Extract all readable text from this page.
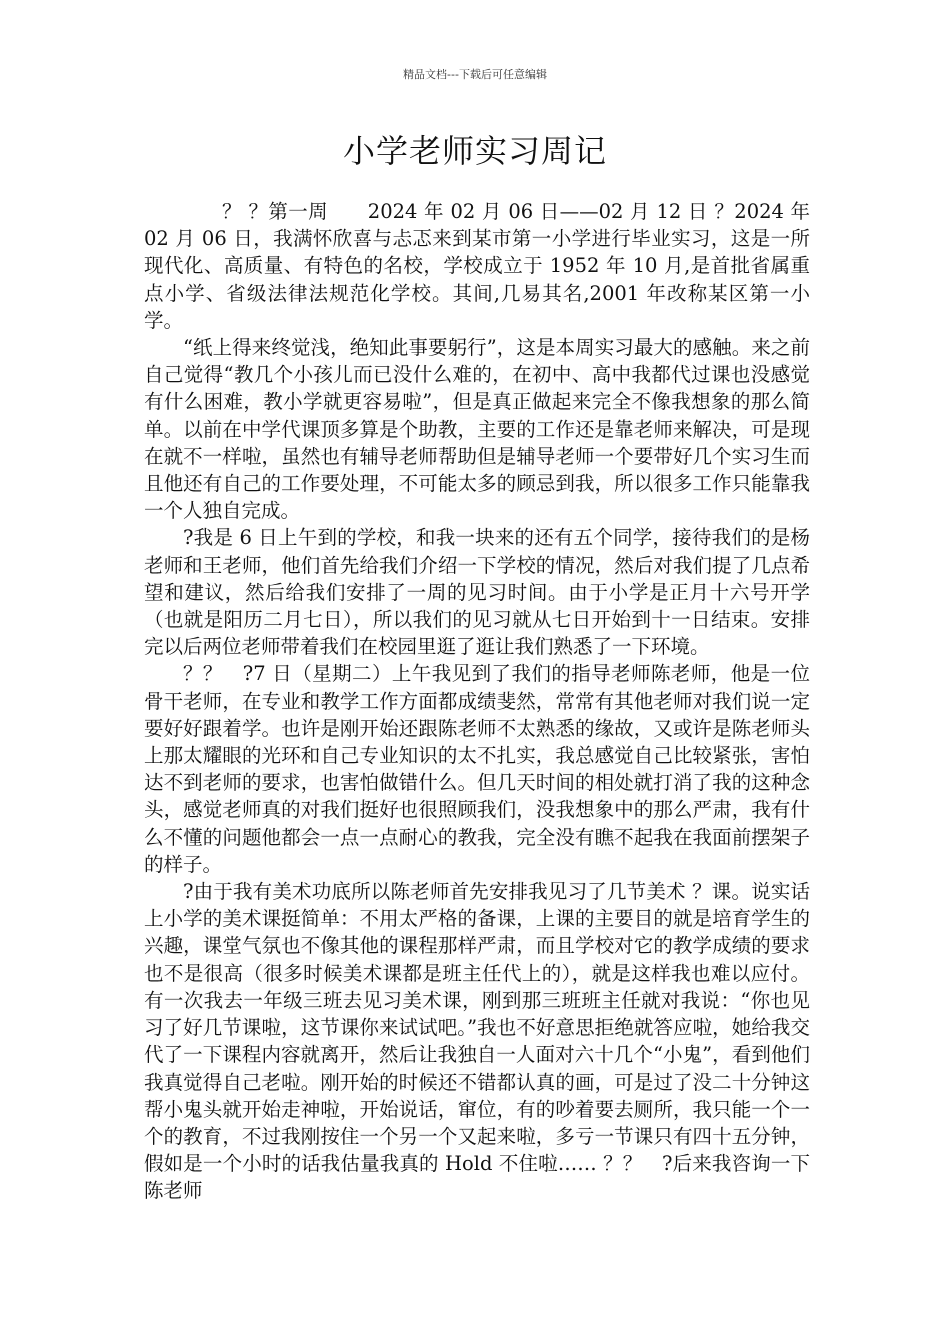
精品文档---下载后可任意编辑
小学老师实习周记

？ ？第一周　　2024 年 02 月 06 日——02 月 12 日 ？2024 年 02 月 06 日，我满怀欣喜与忐忑来到某市第一小学进行毕业实习，这是一所现代化、高质量、有特色的名校，学校成立于 1952 年 10 月,是首批省属重点小学、省级法律法规范化学校。其间,几易其名,2001 年改称某区第一小学。

“纸上得来终觉浅，绝知此事要躬行”，这是本周实习最大的感触。来之前自己觉得“教几个小孩儿而已没什么难的，在初中、高中我都代过课也没感觉有什么困难，教小学就更容易啦”，但是真正做起来完全不像我想象的那么简单。以前在中学代课顶多算是个助教，主要的工作还是靠老师来解决，可是现在就不一样啦，虽然也有辅导老师帮助但是辅导老师一个要带好几个实习生而且他还有自己的工作要处理，不可能太多的顾忌到我，所以很多工作只能靠我一个人独自完成。

?我是 6 日上午到的学校，和我一块来的还有五个同学，接待我们的是杨老师和王老师，他们首先给我们介绍一下学校的情况，然后对我们提了几点希望和建议，然后给我们安排了一周的见习时间。由于小学是正月十六号开学（也就是阳历二月七日），所以我们的见习就从七日开始到十一日结束。安排完以后两位老师带着我们在校园里逛了逛让我们熟悉了一下环境。

？？　?7 日（星期二）上午我见到了我们的指导老师陈老师，他是一位骨干老师，在专业和教学工作方面都成绩斐然，常常有其他老师对我们说一定要好好跟着学。也许是刚开始还跟陈老师不太熟悉的缘故，又或许是陈老师头上那太耀眼的光环和自己专业知识的太不扎实，我总感觉自己比较紧张，害怕达不到老师的要求，也害怕做错什么。但几天时间的相处就打消了我的这种念头，感觉老师真的对我们挺好也很照顾我们，没我想象中的那么严肃，我有什么不懂的问题他都会一点一点耐心的教我，完全没有瞧不起我在我面前摆架子的样子。

?由于我有美术功底所以陈老师首先安排我见习了几节美术 ？课。说实话上小学的美术课挺简单：不用太严格的备课，上课的主要目的就是培育学生的兴趣，课堂气氛也不像其他的课程那样严肃，而且学校对它的教学成绩的要求也不是很高（很多时候美术课都是班主任代上的），就是这样我也难以应付。有一次我去一年级三班去见习美术课，刚到那三班班主任就对我说：“你也见习了好几节课啦，这节课你来试试吧。”我也不好意思拒绝就答应啦，她给我交代了一下课程内容就离开，然后让我独自一人面对六十几个“小鬼”，看到他们我真觉得自己老啦。刚开始的时候还不错都认真的画，可是过了没二十分钟这帮小鬼头就开始走神啦，开始说话，窜位，有的吵着要去厕所，我只能一个一个的教育，不过我刚按住一个另一个又起来啦，多亏一节课只有四十五分钟，假如是一个小时的话我估量我真的 Hold 不住啦…… ？？　?后来我咨询一下陈老师
